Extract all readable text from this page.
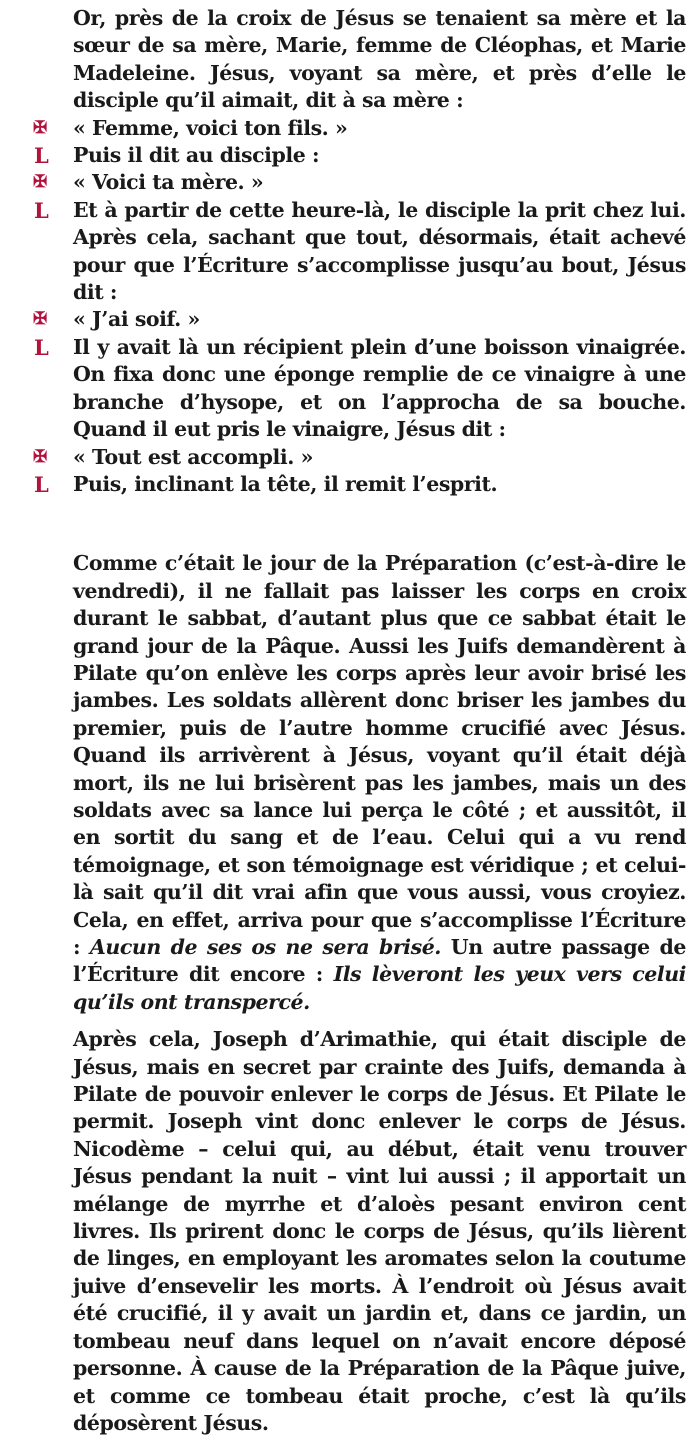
Or, près de la croix de Jésus se tenaient sa mère et la sœur de sa mère, Marie, femme de Cléophas, et Marie Madeleine. Jésus, voyant sa mère, et près d’elle le disciple qu’il aimait, dit à sa mère :
✠ « Femme, voici ton fils. »
L Puis il dit au disciple :
✠ « Voici ta mère. »
L Et à partir de cette heure-là, le disciple la prit chez lui. Après cela, sachant que tout, désormais, était achevé pour que l’Écriture s’accomplisse jusqu’au bout, Jésus dit :
✠ « J’ai soif. »
L Il y avait là un récipient plein d’une boisson vinaigrée. On fixa donc une éponge remplie de ce vinaigre à une branche d’hysope, et on l’approcha de sa bouche. Quand il eut pris le vinaigre, Jésus dit :
✠ « Tout est accompli. »
L Puis, inclinant la tête, il remit l’esprit.
Comme c’était le jour de la Préparation (c’est-à-dire le vendredi), il ne fallait pas laisser les corps en croix durant le sabbat, d’autant plus que ce sabbat était le grand jour de la Pâque. Aussi les Juifs demandèrent à Pilate qu’on enlève les corps après leur avoir brisé les jambes. Les soldats allèrent donc briser les jambes du premier, puis de l’autre homme crucifié avec Jésus. Quand ils arrivèrent à Jésus, voyant qu’il était déjà mort, ils ne lui brisèrent pas les jambes, mais un des soldats avec sa lance lui perça le côté ; et aussitôt, il en sortit du sang et de l’eau. Celui qui a vu rend témoignage, et son témoignage est véridique ; et celui-là sait qu’il dit vrai afin que vous aussi, vous croyiez. Cela, en effet, arriva pour que s’accomplisse l’Écriture : Aucun de ses os ne sera brisé. Un autre passage de l’Écriture dit encore : Ils lèveront les yeux vers celui qu’ils ont transpercé.
Après cela, Joseph d’Arimathie, qui était disciple de Jésus, mais en secret par crainte des Juifs, demanda à Pilate de pouvoir enlever le corps de Jésus. Et Pilate le permit. Joseph vint donc enlever le corps de Jésus. Nicodème – celui qui, au début, était venu trouver Jésus pendant la nuit – vint lui aussi ; il apportait un mélange de myrrhe et d’aloès pesant environ cent livres. Ils prirent donc le corps de Jésus, qu’ils lièrent de linges, en employant les aromates selon la coutume juive d’ensevelir les morts. À l’endroit où Jésus avait été crucifié, il y avait un jardin et, dans ce jardin, un tombeau neuf dans lequel on n’avait encore déposé personne. À cause de la Préparation de la Pâque juive, et comme ce tombeau était proche, c’est là qu’ils déposèrent Jésus.
